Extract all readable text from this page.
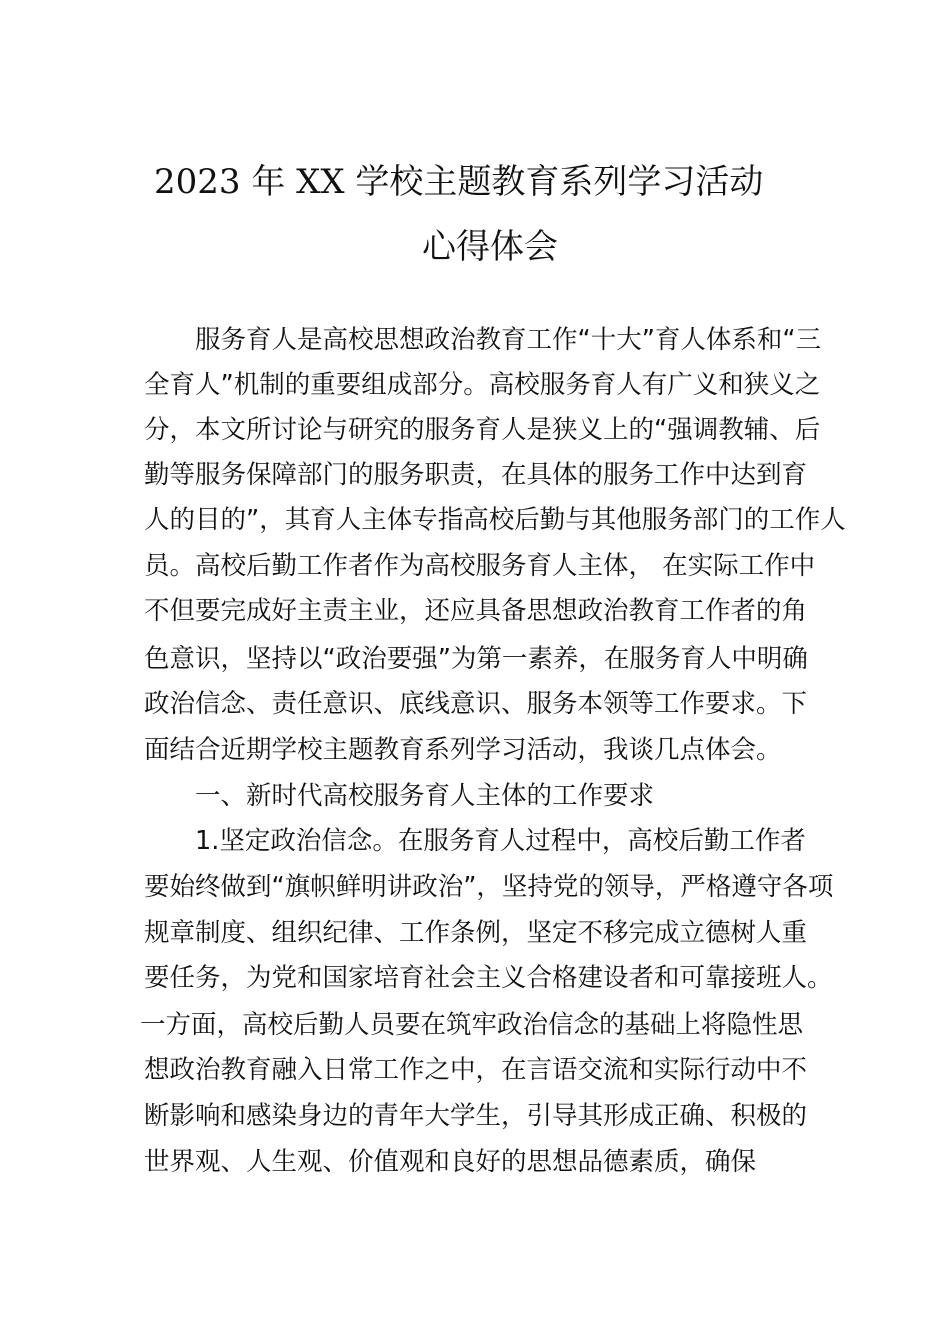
2023 年 XX 学校主题教育系列学习活动
心得体会
服务育人是高校思想政治教育工作“十大”育人体系和“三
全育人”机制的重要组成部分。高校服务育人有广义和狭义之
分，本文所讨论与研究的服务育人是狭义上的“强调教辅、后
勤等服务保障部门的服务职责，在具体的服务工作中达到育
人的目的”，其育人主体专指高校后勤与其他服务部门的工作人
员。高校后勤工作者作为高校服务育人主体， 在实际工作中
不但要完成好主责主业，还应具备思想政治教育工作者的角
色意识，坚持以“政治要强”为第一素养，在服务育人中明确
政治信念、责任意识、底线意识、服务本领等工作要求。下
面结合近期学校主题教育系列学习活动，我谈几点体会。
一、新时代高校服务育人主体的工作要求
1.坚定政治信念。在服务育人过程中，高校后勤工作者
要始终做到“旗帜鲜明讲政治”，坚持党的领导，严格遵守各项
规章制度、组织纪律、工作条例，坚定不移完成立德树人重
要任务，为党和国家培育社会主义合格建设者和可靠接班人。
一方面，高校后勤人员要在筑牢政治信念的基础上将隐性思
想政治教育融入日常工作之中，在言语交流和实际行动中不
断影响和感染身边的青年大学生，引导其形成正确、积极的
世界观、人生观、价值观和良好的思想品德素质，确保
